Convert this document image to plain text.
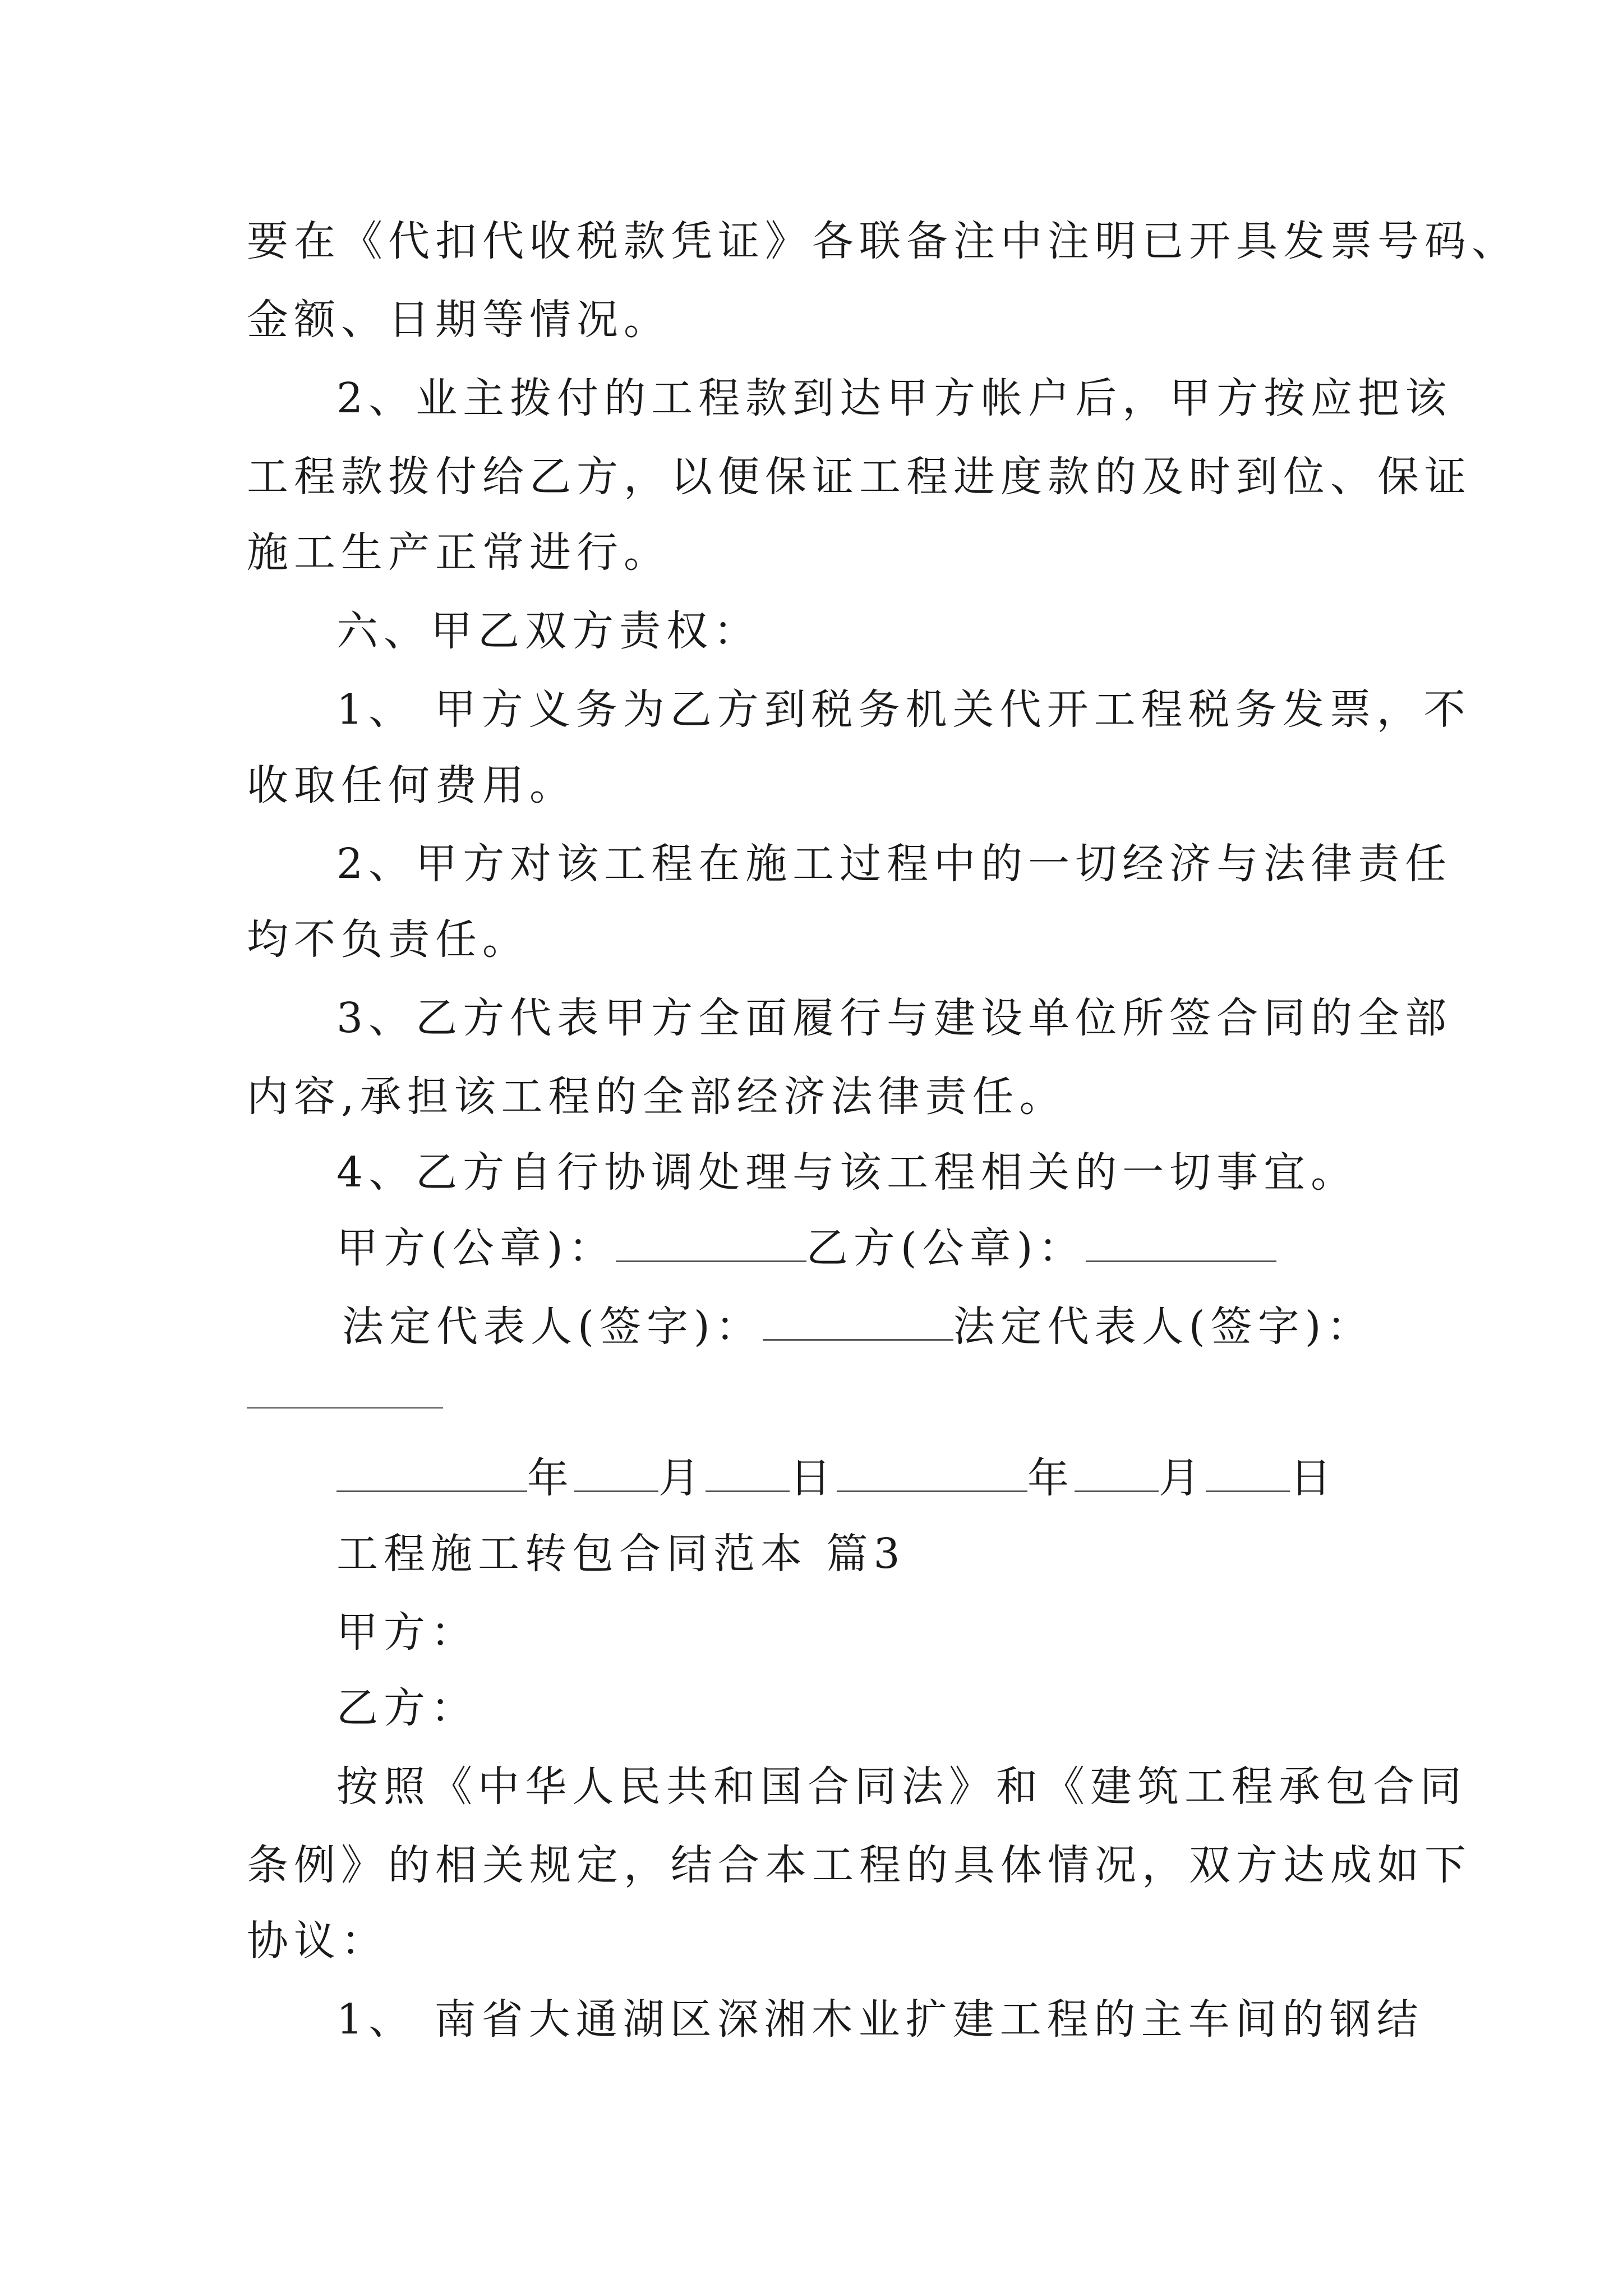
要在《代扣代收税款凭证》各联备注中注明已开具发票号码、
金额、日期等情况。
2、业主拨付的工程款到达甲方帐户后，甲方按应把该
工程款拨付给乙方，以便保证工程进度款的及时到位、保证
施工生产正常进行。
六、甲乙双方责权：
1、 甲方义务为乙方到税务机关代开工程税务发票，不
收取任何费用。
2、甲方对该工程在施工过程中的一切经济与法律责任
均不负责任。
3、乙方代表甲方全面履行与建设单位所签合同的全部
内容,承担该工程的全部经济法律责任。
4、乙方自行协调处理与该工程相关的一切事宜。
甲方(公章)：	乙方(公章)：
法定代表人(签字)：	法定代表人(签字)：
年 月 日	年 月 日
工程施工转包合同范本 篇3
甲方：
乙方：
按照《中华人民共和国合同法》和《建筑工程承包合同
条例》的相关规定，结合本工程的具体情况，双方达成如下
协议：
1、 南省大通湖区深湘木业扩建工程的主车间的钢结
